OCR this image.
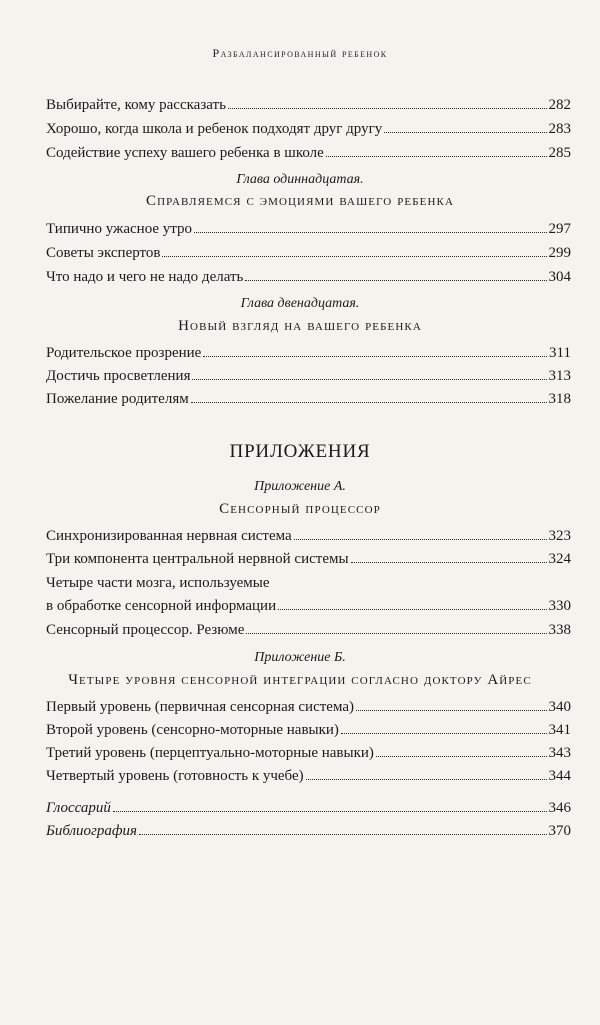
Разбалансированный ребенок
Выбирайте, кому рассказать	282
Хорошо, когда школа и ребенок подходят друг другу	283
Содействие успеху вашего ребенка в школе	285
Глава одиннадцатая.
Справляемся с эмоциями вашего ребенка
Типично ужасное утро	297
Советы экспертов	299
Что надо и чего не надо делать	304
Глава двенадцатая.
Новый взгляд на вашего ребенка
Родительское прозрение	311
Достичь просветления	313
Пожелание родителям	318
ПРИЛОЖЕНИЯ
Приложение А.
Сенсорный процессор
Синхронизированная нервная система	323
Три компонента центральной нервной системы	324
Четыре части мозга, используемые
в обработке сенсорной информации	330
Сенсорный процессор. Резюме	338
Приложение Б.
Четыре уровня сенсорной интеграции согласно доктору Айрес
Первый уровень (первичная сенсорная система)	340
Второй уровень (сенсорно-моторные навыки)	341
Третий уровень (перцептуально-моторные навыки)	343
Четвертый уровень (готовность к учебе)	344
Глоссарий	346
Библиография	370
